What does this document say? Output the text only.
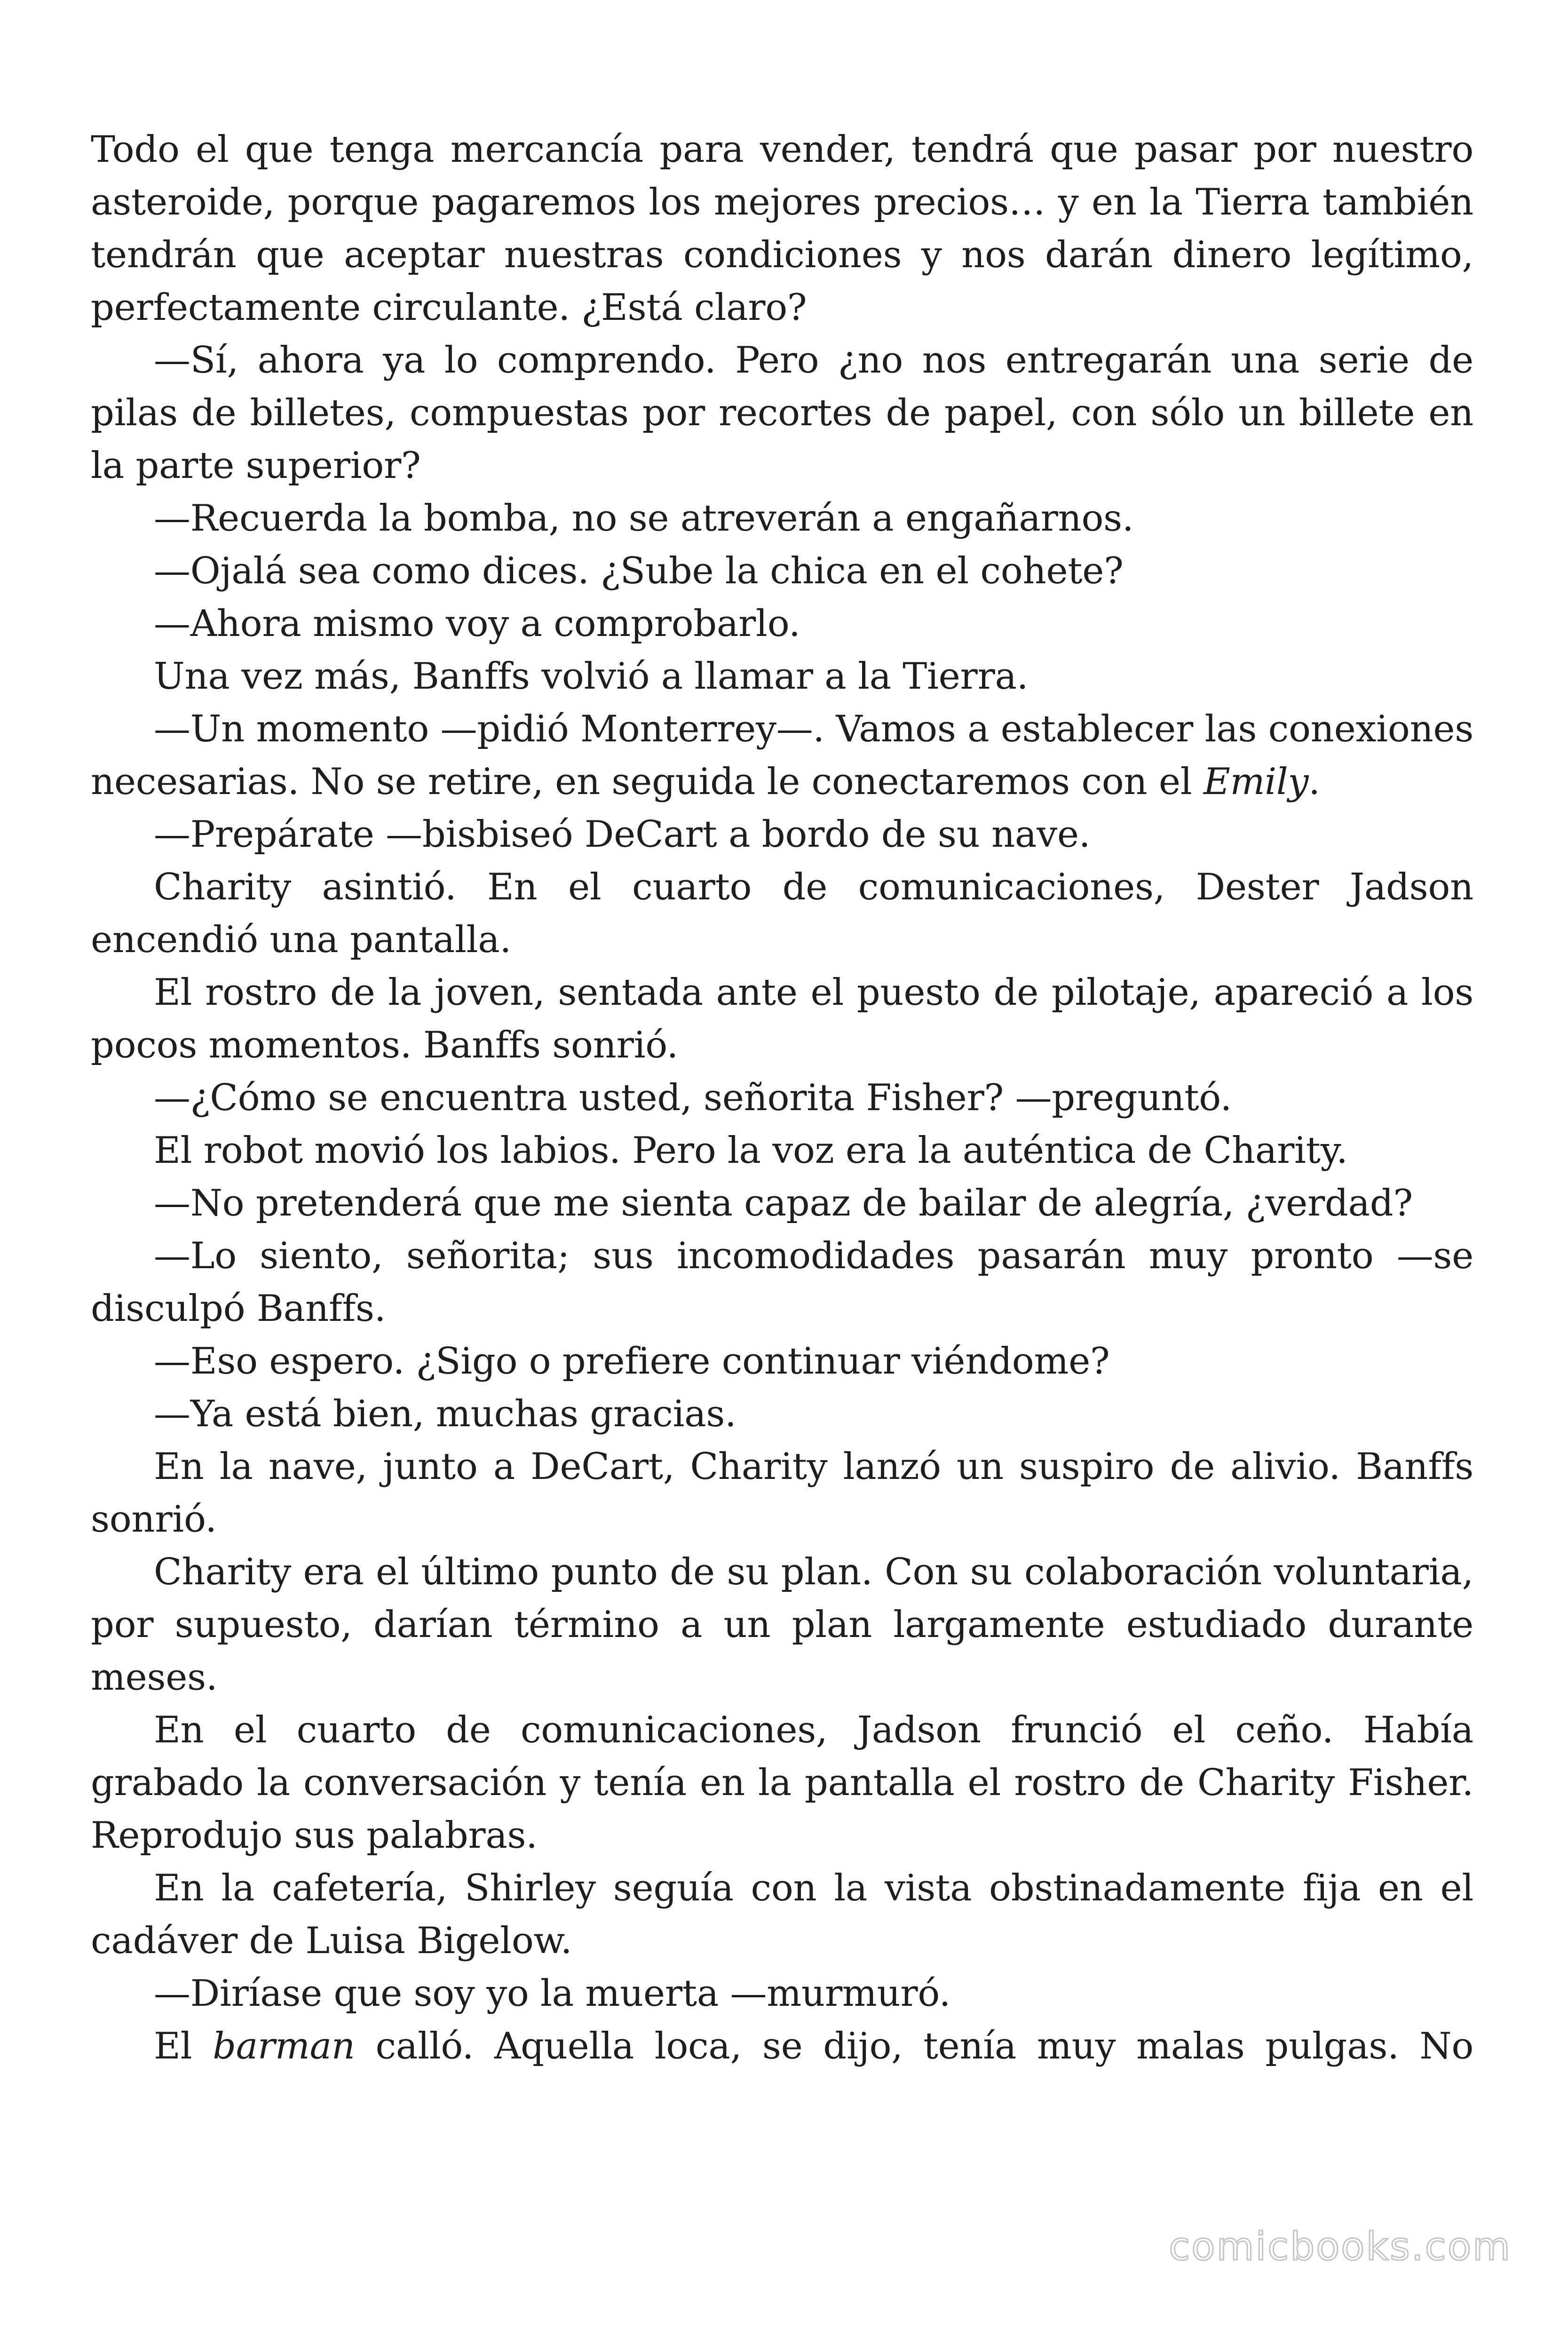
Todo el que tenga mercancía para vender, tendrá que pasar por nuestro asteroide, porque pagaremos los mejores precios… y en la Tierra también tendrán que aceptar nuestras condiciones y nos darán dinero legítimo, perfectamente circulante. ¿Está claro?

—Sí, ahora ya lo comprendo. Pero ¿no nos entregarán una serie de pilas de billetes, compuestas por recortes de papel, con sólo un billete en la parte superior?

—Recuerda la bomba, no se atreverán a engañarnos.

—Ojalá sea como dices. ¿Sube la chica en el cohete?

—Ahora mismo voy a comprobarlo.

Una vez más, Banffs volvió a llamar a la Tierra.

—Un momento —pidió Monterrey—. Vamos a establecer las conexiones necesarias. No se retire, en seguida le conectaremos con el Emily.

—Prepárate —bisbiseó DeCart a bordo de su nave.

Charity asintió. En el cuarto de comunicaciones, Dester Jadson encendió una pantalla.

El rostro de la joven, sentada ante el puesto de pilotaje, apareció a los pocos momentos. Banffs sonrió.

—¿Cómo se encuentra usted, señorita Fisher? —preguntó.

El robot movió los labios. Pero la voz era la auténtica de Charity.

—No pretenderá que me sienta capaz de bailar de alegría, ¿verdad?

—Lo siento, señorita; sus incomodidades pasarán muy pronto —se disculpó Banffs.

—Eso espero. ¿Sigo o prefiere continuar viéndome?

—Ya está bien, muchas gracias.

En la nave, junto a DeCart, Charity lanzó un suspiro de alivio. Banffs sonrió.

Charity era el último punto de su plan. Con su colaboración voluntaria, por supuesto, darían término a un plan largamente estudiado durante meses.

En el cuarto de comunicaciones, Jadson frunció el ceño. Había grabado la conversación y tenía en la pantalla el rostro de Charity Fisher. Reprodujo sus palabras.

En la cafetería, Shirley seguía con la vista obstinadamente fija en el cadáver de Luisa Bigelow.

—Diríase que soy yo la muerta —murmuró.

El barman calló. Aquella loca, se dijo, tenía muy malas pulgas. No

comicbooks.com
